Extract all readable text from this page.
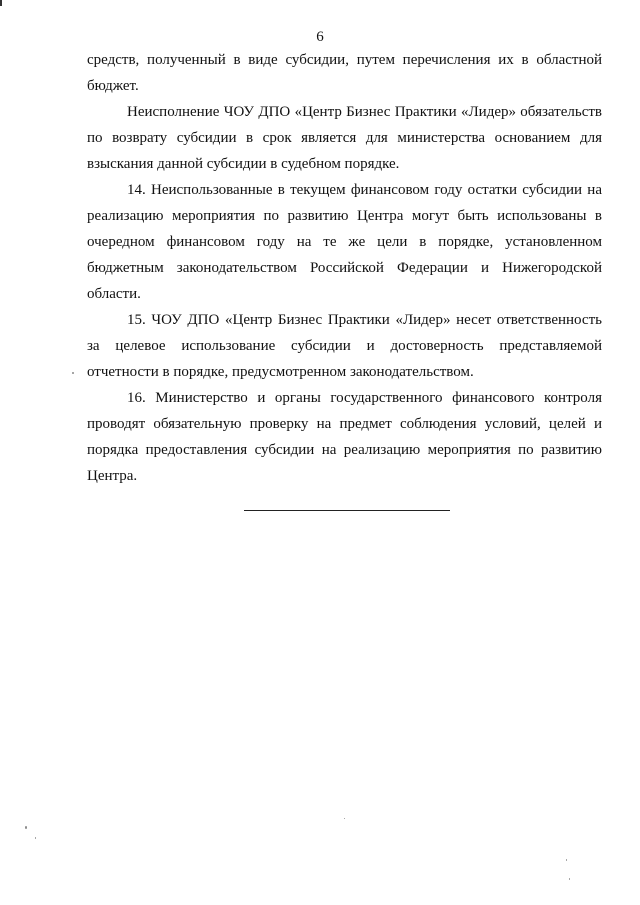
6

средств, полученный в виде субсидии, путем перечисления их в областной бюджет.

Неисполнение ЧОУ ДПО «Центр Бизнес Практики «Лидер» обязательств по возврату субсидии в срок является для министерства основанием для взыскания данной субсидии в судебном порядке.

14. Неиспользованные в текущем финансовом году остатки субсидии на реализацию мероприятия по развитию Центра могут быть использованы в очередном финансовом году на те же цели в порядке, установленном бюджетным законодательством Российской Федерации и Нижегородской области.

15. ЧОУ ДПО «Центр Бизнес Практики «Лидер» несет ответственность за целевое использование субсидии и достоверность представляемой отчетности в порядке, предусмотренном законодательством.

16. Министерство и органы государственного финансового контроля проводят обязательную проверку на предмет соблюдения условий, целей и порядка предоставления субсидии на реализацию мероприятия по развитию Центра.
